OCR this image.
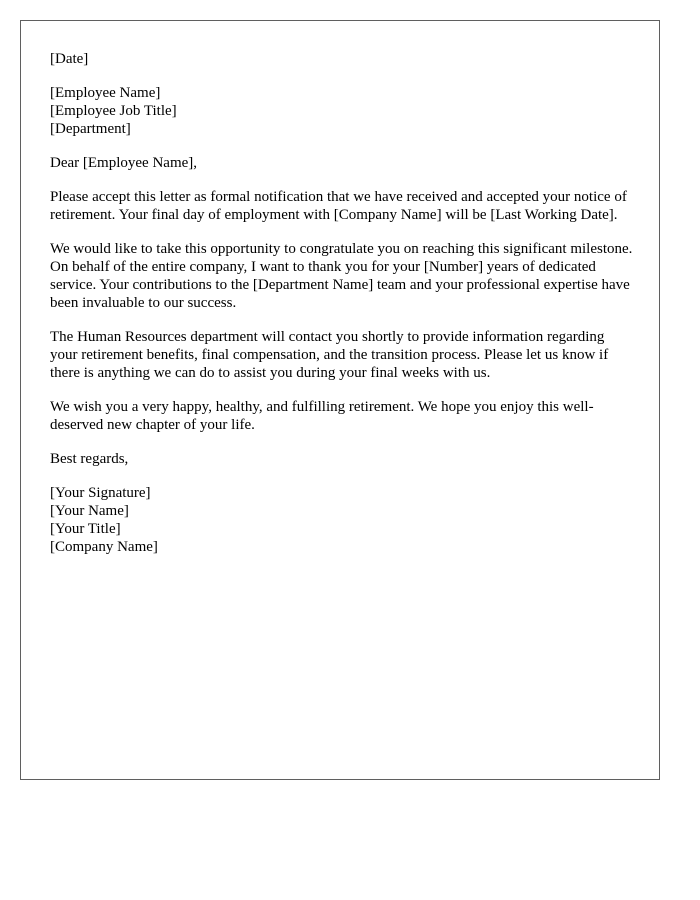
[Date]
[Employee Name]
[Employee Job Title]
[Department]
Dear [Employee Name],

Please accept this letter as formal notification that we have received and accepted your notice of retirement. Your final day of employment with [Company Name] will be [Last Working Date].

We would like to take this opportunity to congratulate you on reaching this significant milestone. On behalf of the entire company, I want to thank you for your [Number] years of dedicated service. Your contributions to the [Department Name] team and your professional expertise have been invaluable to our success.

The Human Resources department will contact you shortly to provide information regarding your retirement benefits, final compensation, and the transition process. Please let us know if there is anything we can do to assist you during your final weeks with us.

We wish you a very happy, healthy, and fulfilling retirement. We hope you enjoy this well-deserved new chapter of your life.

Best regards,
[Your Signature]
[Your Name]
[Your Title]
[Company Name]
